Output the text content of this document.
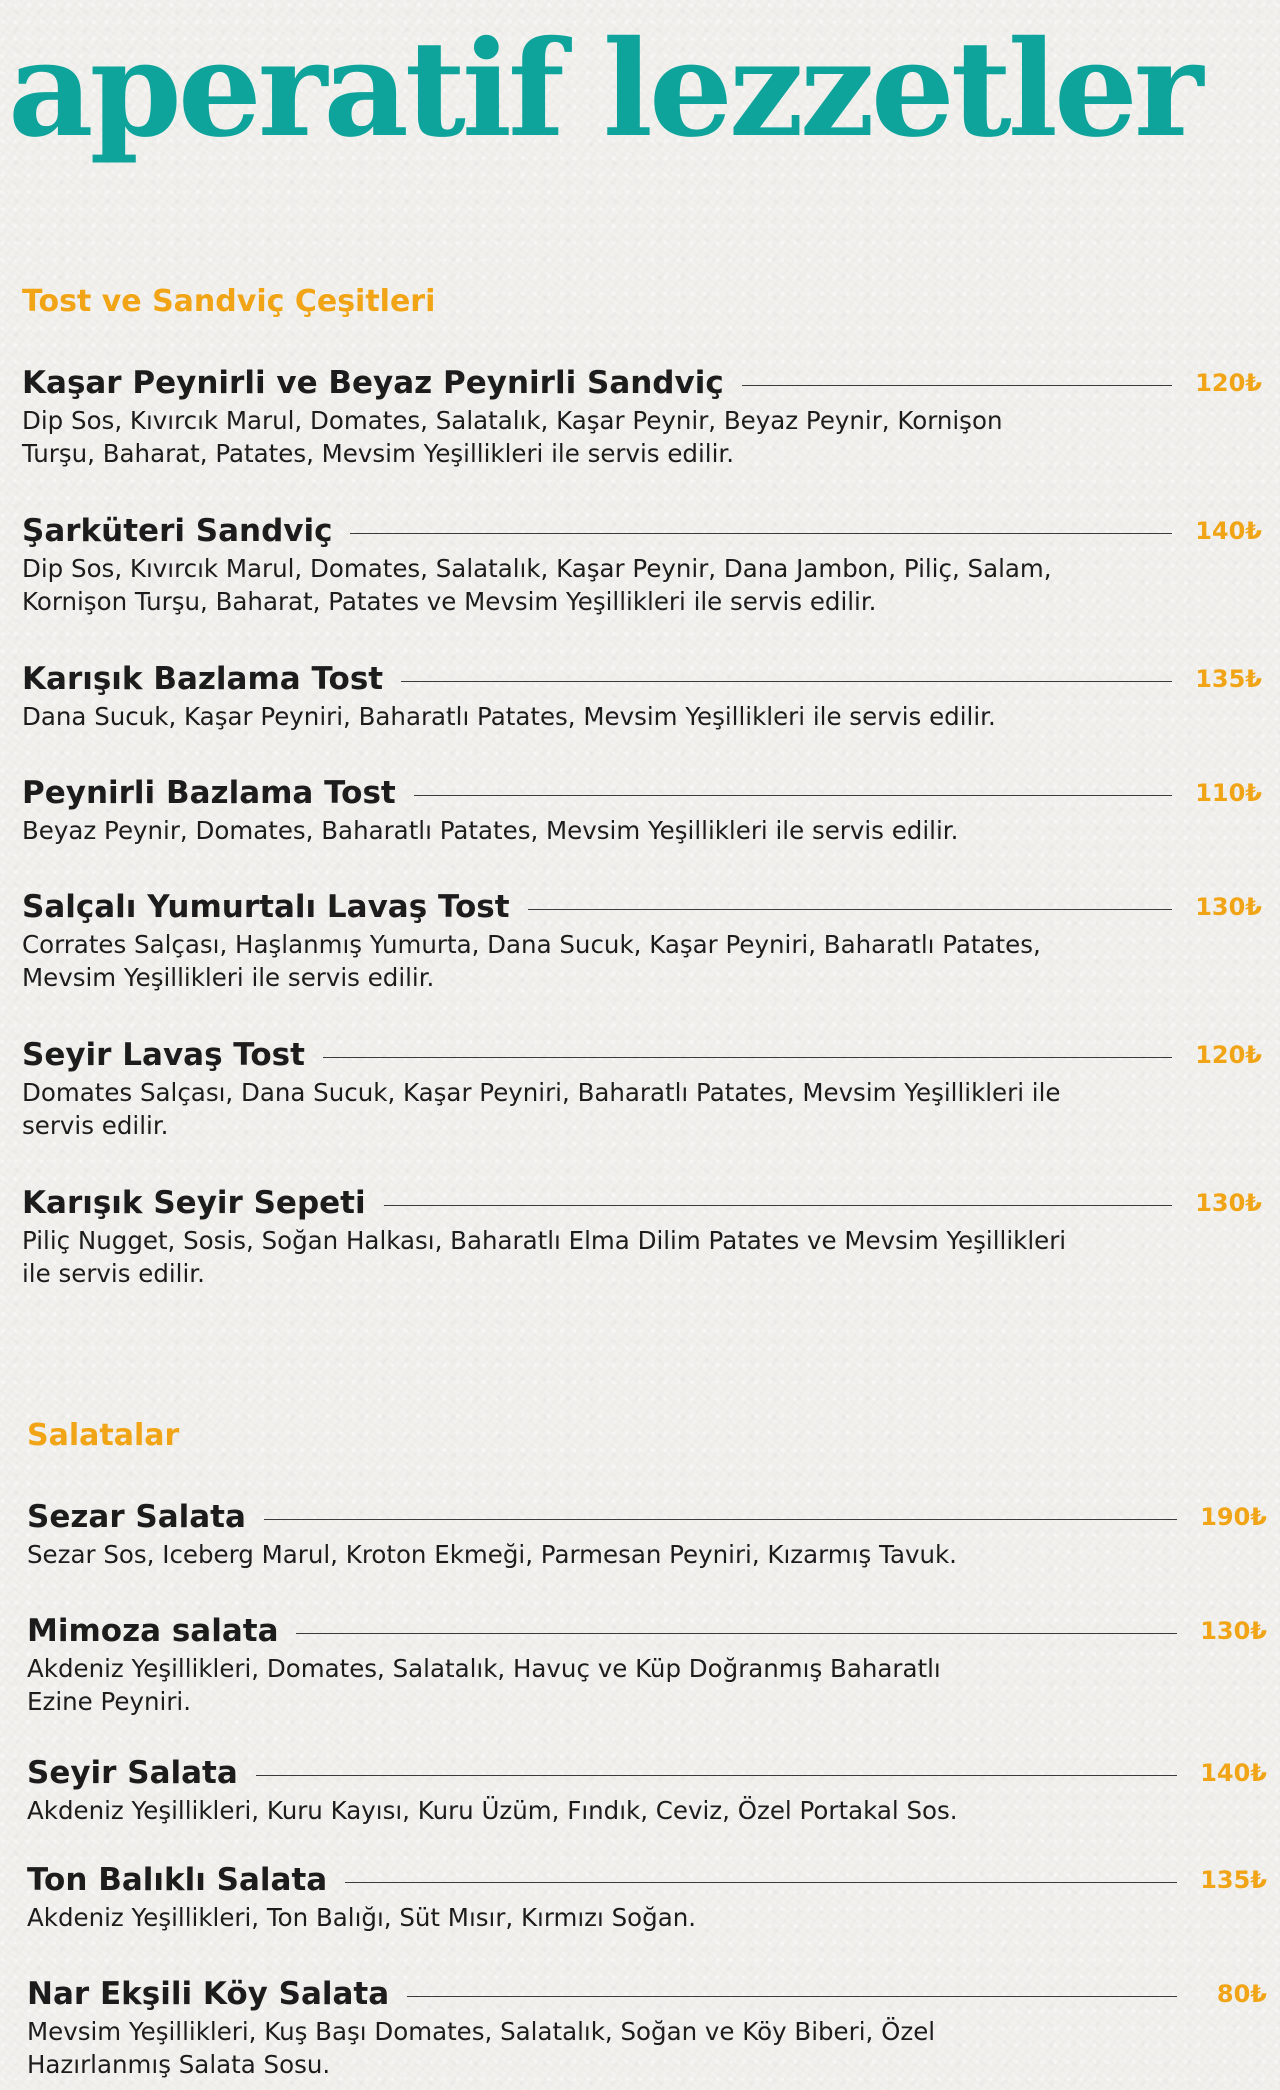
aperatif lezzetler
Tost ve Sandviç Çeşitleri
Kaşar Peynirli ve Beyaz Peynirli Sandviç	120₺

Dip Sos, Kıvırcık Marul, Domates, Salatalık, Kaşar Peynir, Beyaz Peynir, Kornişon
Turşu, Baharat, Patates, Mevsim Yeşillikleri ile servis edilir.

Şarküteri Sandviç	140₺

Dip Sos, Kıvırcık Marul, Domates, Salatalık, Kaşar Peynir, Dana Jambon, Piliç, Salam,
Kornişon Turşu, Baharat, Patates ve Mevsim Yeşillikleri ile servis edilir.

Karışık Bazlama Tost	135₺

Dana Sucuk, Kaşar Peyniri, Baharatlı Patates, Mevsim Yeşillikleri ile servis edilir.

Peynirli Bazlama Tost	110₺

Beyaz Peynir, Domates, Baharatlı Patates, Mevsim Yeşillikleri ile servis edilir.

Salçalı Yumurtalı Lavaş Tost	130₺

Corrates Salçası, Haşlanmış Yumurta, Dana Sucuk, Kaşar Peyniri, Baharatlı Patates,
Mevsim Yeşillikleri ile servis edilir.

Seyir Lavaş Tost	120₺

Domates Salçası, Dana Sucuk, Kaşar Peyniri, Baharatlı Patates, Mevsim Yeşillikleri ile
servis edilir.

Karışık Seyir Sepeti	130₺

Piliç Nugget, Sosis, Soğan Halkası, Baharatlı Elma Dilim Patates ve Mevsim Yeşillikleri
ile servis edilir.

Salatalar
Sezar Salata	190₺

Sezar Sos, Iceberg Marul, Kroton Ekmeği, Parmesan Peyniri, Kızarmış Tavuk.

Mimoza salata	130₺

Akdeniz Yeşillikleri, Domates, Salatalık, Havuç ve Küp Doğranmış Baharatlı
Ezine Peyniri.

Seyir Salata	140₺

Akdeniz Yeşillikleri, Kuru Kayısı, Kuru Üzüm, Fındık, Ceviz, Özel Portakal Sos.

Ton Balıklı Salata	135₺

Akdeniz Yeşillikleri, Ton Balığı, Süt Mısır, Kırmızı Soğan.

Nar Ekşili Köy Salata	80₺

Mevsim Yeşillikleri, Kuş Başı Domates, Salatalık, Soğan ve Köy Biberi, Özel
Hazırlanmış Salata Sosu.
